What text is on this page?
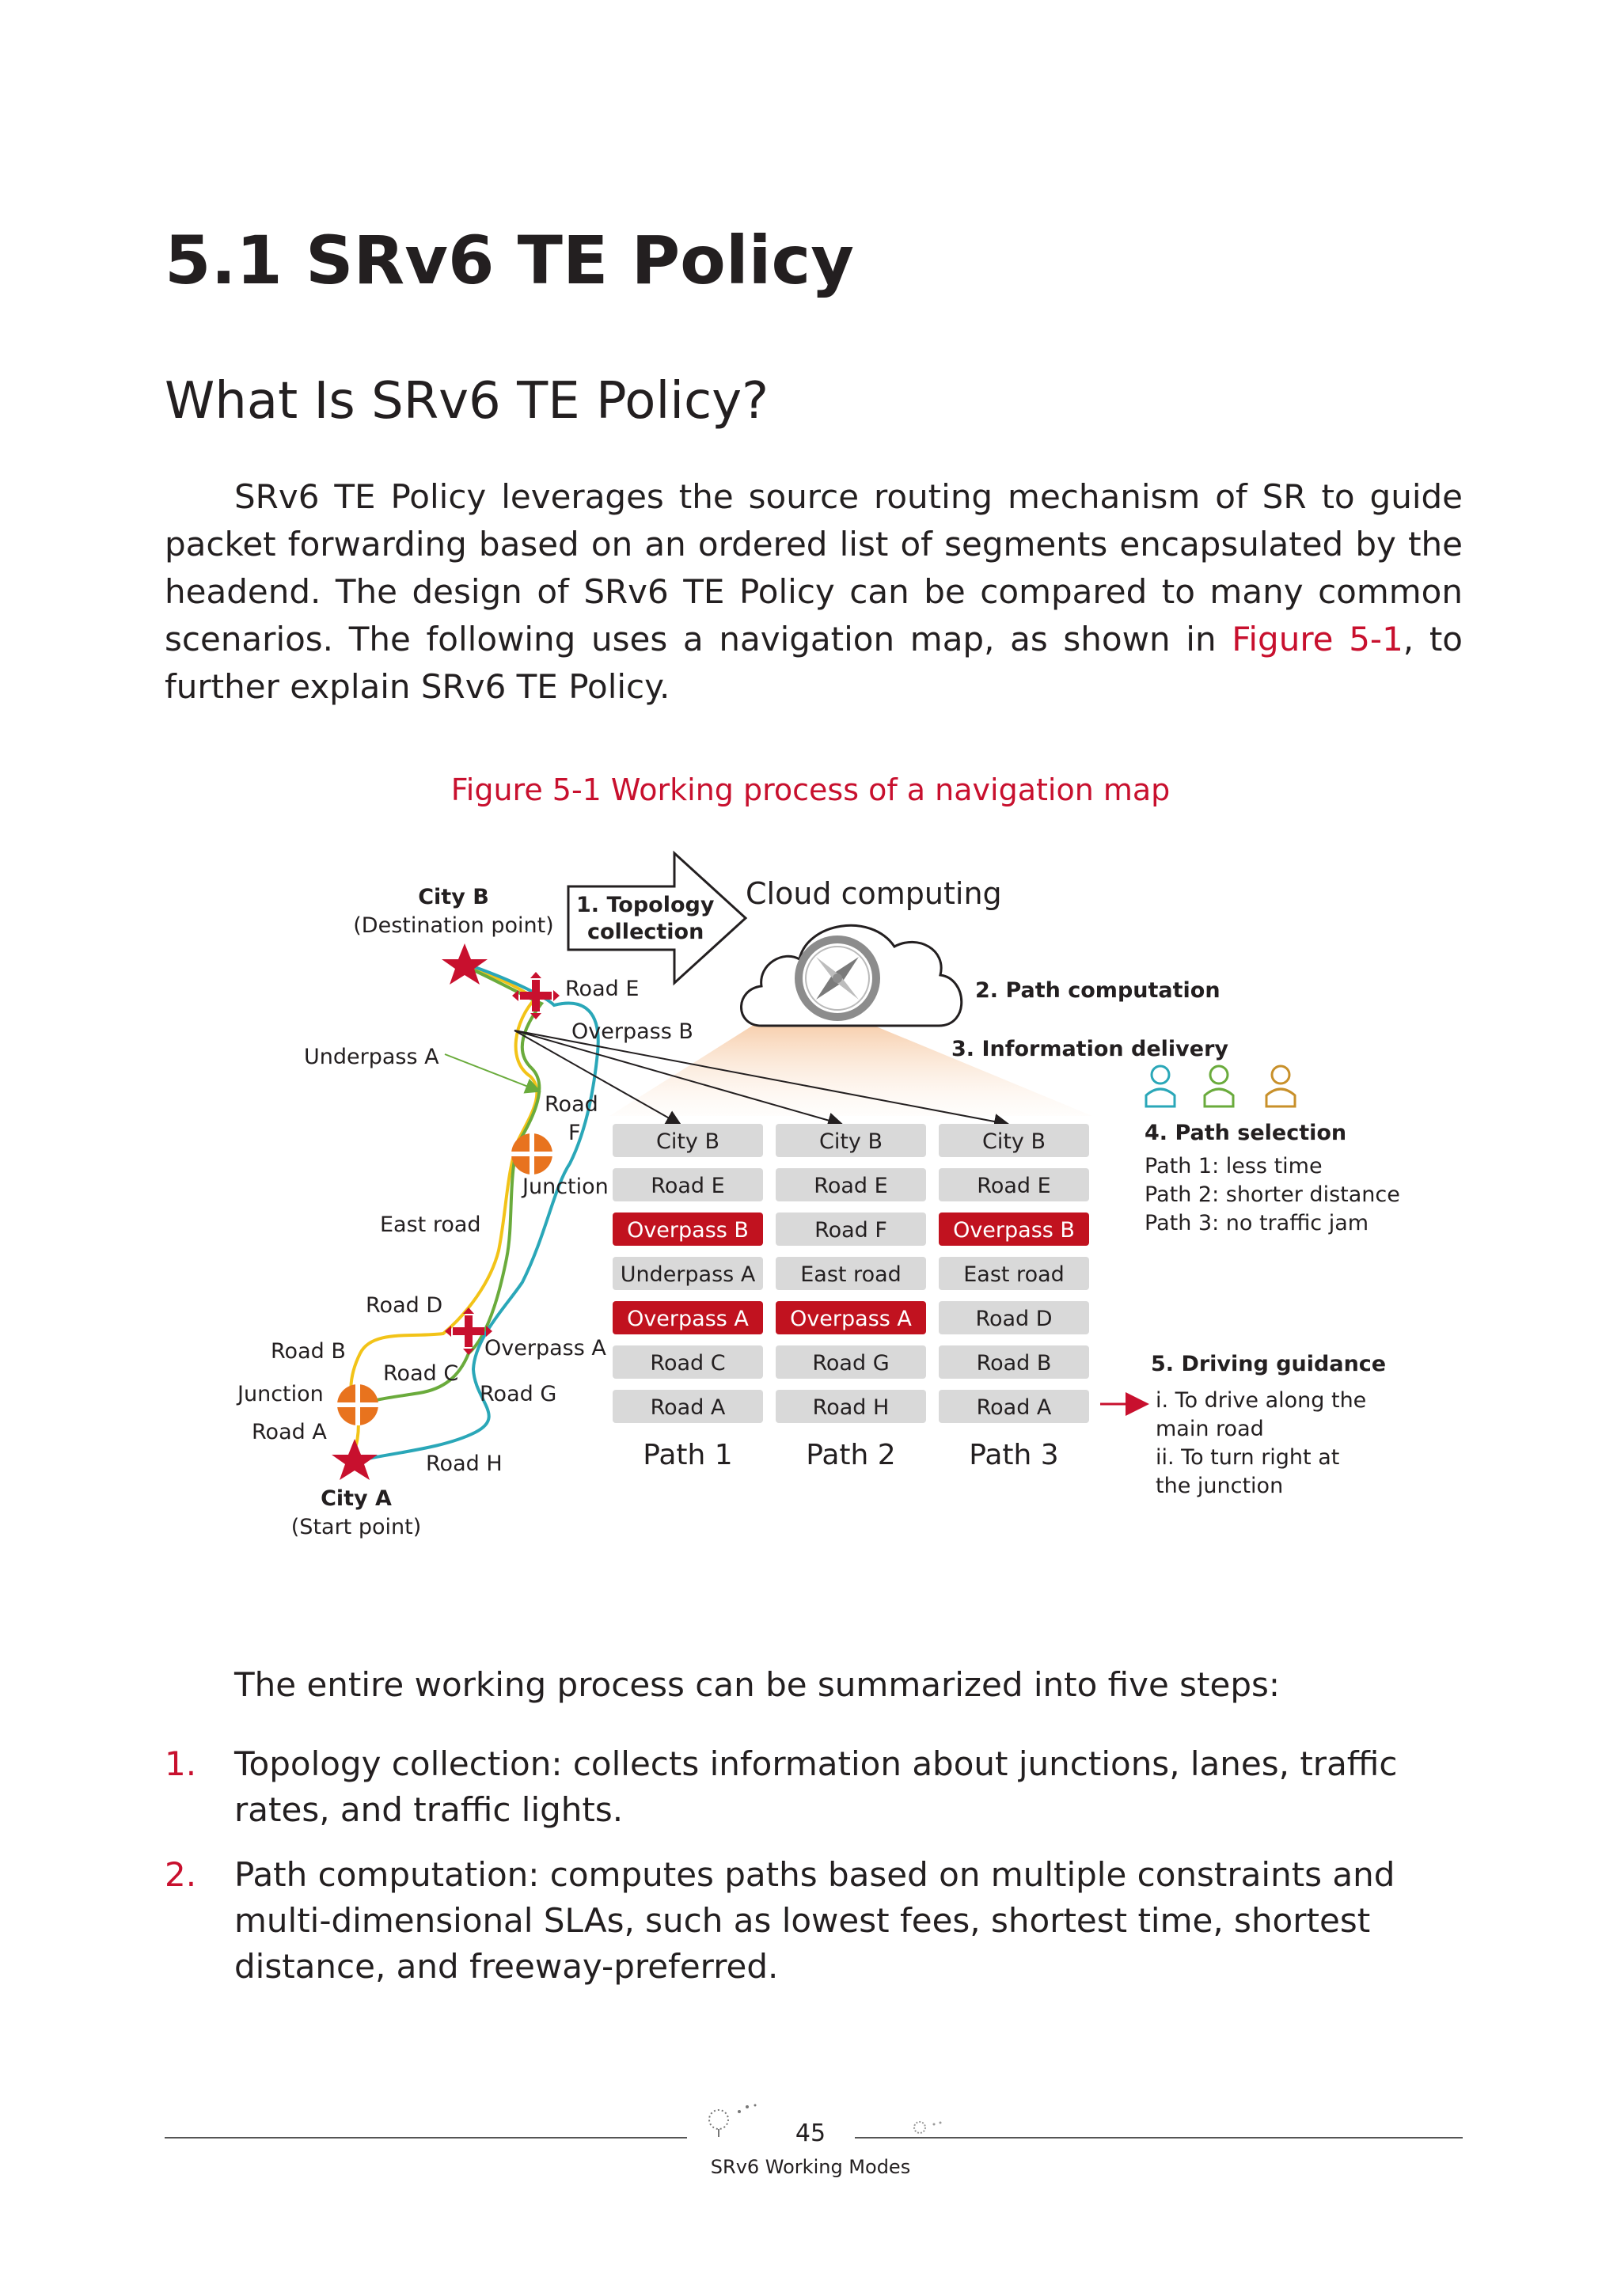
5.1 SRv6 TE Policy
What Is SRv6 TE Policy?
SRv6 TE Policy leverages the source routing mechanism of SR to guide packet forwarding based on an ordered list of segments encapsulated by the headend. The design of SRv6 TE Policy can be compared to many common scenarios. The following uses a navigation map, as shown in Figure 5-1, to further explain SRv6 TE Policy.
Figure 5-1 Working process of a navigation map
City B
(Destination point)
Road E
Overpass B
Underpass A
Road
F
Junction
East road
Road D
Overpass A
Road B
Road C
Road G
Junction
Road A
Road H
City A
(Start point)
1. Topology
collection
Cloud computing
2. Path computation
3. Information delivery
4. Path selection
Path 1: less time
Path 2: shorter distance
Path 3: no traffic jam
City B
Road E
Overpass B
Underpass A
Overpass A
Road C
Road A
Path 1
City B
Road E
Road F
East road
Overpass A
Road G
Road H
Path 2
City B
Road E
Overpass B
East road
Road D
Road B
Road A
Path 3
5. Driving guidance
i. To drive along the
main road
ii. To turn right at
the junction
The entire working process can be summarized into five steps:
1. Topology collection: collects information about junctions, lanes, traffic rates, and traffic lights.
2. Path computation: computes paths based on multiple constraints and multi-dimensional SLAs, such as lowest fees, shortest time, shortest distance, and freeway-preferred.
45
SRv6 Working Modes
